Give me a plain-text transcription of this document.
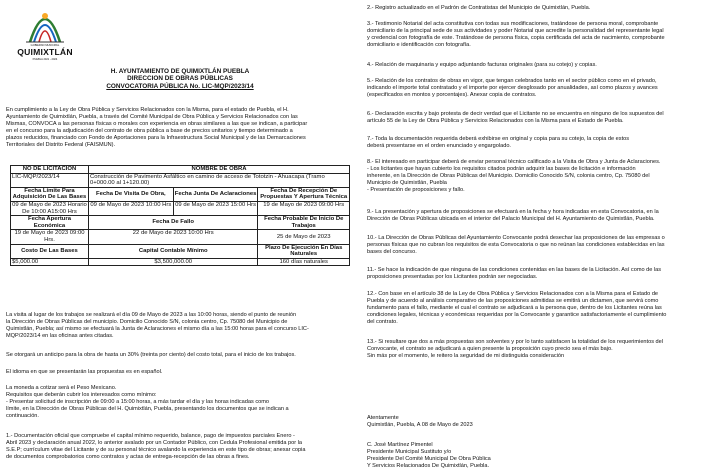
GOBIERNO MUNICIPAL
QUIMIXTLÁN
PUEBLA 2021 - 2024
H. AYUNTAMIENTO DE QUIMIXTLÁN PUEBLA
DIRECCION DE OBRAS PÚBLICAS
CONVOCATORIA PÚBLICA No. LIC-MQP/2023/14
En cumplimiento a la Ley de Obra Pública y Servicios Relacionados con la Misma, para el estado de Puebla, el H.
Ayuntamiento de Quimixtlán, Puebla, a través del Comité Municipal de Obra Pública y Servicios Relacionados con las
Mismas, CONVOCA a las personas físicas o morales con experiencia en obras similares a las que se indican, a participar
en el concurso para la adjudicación del contrato de obra pública a base de precios unitarios y tiempo determinado a
plazos reducidos, financiado con Fondo de Aportaciones para la Infraestructura Social Municipal y de las Demarcaciones
Territoriales del Distrito Federal (FAISMUN).
NO DE LICITACION	NOMBRE DE OBRA		
LIC-MQP/2023/14	Construcción de Pavimento Asfáltico en camino de acceso de Tototzin - Ahuacapa (Tramo 0+000.00 al 1+120.00)		
Fecha Límite Para Adquisición De Las Bases	Fecha De Visita De Obra,	Fecha Junta De Aclaraciones	Fecha De Recepción De Propuestas Y Apertura Técnica
09 de Mayo de 2023 Horario De 10:00 A15:00 Hrs	09 de Mayo de 2023 10:00 Hrs	09 de Mayo de 2023 15:00 Hrs	19 de Mayo de 2023 09:00 Hrs
Fecha Apertura Económica	Fecha De Fallo		Fecha Probable De Inicio De Trabajos
19 de Mayo de 2023 09:00 Hrs.	22 de Mayo de 2023 10:00 Hrs		25 de Mayo de 2023
Costo De Las Bases	Capital Contable Mínimo		Plazo De Ejecución En Días Naturales
$5,000.00	$3,500,000.00		160 días naturales
La visita al lugar de los trabajos se realizará el día 09 de Mayo de 2023 a las 10:00 horas, siendo el punto de reunión
la Dirección de Obras Públicas del municipio. Domicilio Conocido S/N, colonia centro, Cp. 75080 del Municipio de
Quimixtlán, Puebla; así mismo se efectuará la Junta de Aclaraciones el mismo día a las 15:00 horas para el concurso LIC-
MQP/2023/14 en las oficinas antes citadas.
Se otorgará un anticipo para la obra de hasta un 30% (treinta por ciento) del costo total, para el inicio de los trabajos.
El idioma en que se presentarán las propuestas es en español.
La moneda a cotizar será el Peso Mexicano.
Requisitos que deberán cubrir los interesados como mínimo:
- Presentar solicitud de inscripción de 09:00 a 15:00 horas, a más tardar el día y las horas indicadas como
límite, en la Dirección de Obras Públicas del H. Quimixtlán, Puebla, presentando los documentos que se indican a
continuación.
1.- Documentación oficial que compruebe el capital mínimo requerido, balance, pago de impuestos parciales Enero -
Abril 2023 y declaración anual 2022, lo anterior avalado por un Contador Público, con Cedula Profesional emitida por la
S.E.P; currículum vitae del Licitante y de su personal técnico avalando la experiencia en este tipo de obras; anexar copia
de documentos comprobatorios como contratos y actas de entrega-recepción de las obras a fines.
2.- Registro actualizado en el Padrón de Contratistas del Municipio de Quimixtlán, Puebla.
3.- Testimonio Notarial del acta constitutiva con todas sus modificaciones, tratándose de persona moral, comprobante
domiciliario de la principal sede de sus actividades y poder Notarial que acredite la personalidad del representante legal
y credencial con fotografía de este. Tratándose de persona física, copia certificada del acta de nacimiento, comprobante
domiciliario e identificación con fotografía.
4.- Relación de maquinaria y equipo adjuntando facturas originales (para su cotejo) y copias.
5.- Relación de los contratos de obras en vigor, que tengan celebrados tanto en el sector público como en el privado,
indicando el importe total contratado y el importe por ejercer desglosado por anualidades, así como plazos y avances
(especificados en montos y porcentajes). Anexar copia de contratos.
6.- Declaración escrita y bajo protesta de decir verdad que el Licitante no se encuentra en ninguno de los supuestos del
artículo 55 de la Ley de Obra Pública y Servicios Relacionados con la Misma para el Estado de Puebla.
7.- Toda la documentación requerida deberá exhibirse en original y copia para su cotejo, la copia de estos
deberá presentarse en el orden enunciado y engargolado.
8.- El interesado en participar deberá de enviar personal técnico calificado a la Visita de Obra y Junta de Aclaraciones.
- Los licitantes que hayan cubierto los requisitos citados podrán adquirir las bases de licitación e información
inherente, en la Dirección de Obras Públicas del Municipio. Domicilio Conocido S/N, colonia centro, Cp. 75080 del
Municipio de Quimixtlán, Puebla
- Presentación de proposiciones y fallo.
9.- La presentación y apertura de proposiciones se efectuará en la fecha y hora indicadas en esta Convocatoria, en la
Dirección de Obras Públicas ubicada en el interior del Palacio Municipal del H. Ayuntamiento de Quimixtlán, Puebla.
10.- La Dirección de Obras Públicas del Ayuntamiento Convocante podrá desechar las proposiciones de las empresas o
personas físicas que no cubran los requisitos de esta Convocatoria o que no reúnan las condiciones establecidas en las
bases del concurso.
11.- Se hace la indicación de que ninguna de las condiciones contenidas en las bases de la Licitación. Así como de las
proposiciones presentadas por los Licitantes podrán ser negociadas.
12.- Con base en el artículo 38 de la Ley de Obra Pública y Servicios Relacionados con a la Misma para el Estado de
Puebla y de acuerdo al análisis comparativo de las proposiciones admitidas se emitirá un dictamen, que servirá como
fundamento para el fallo, mediante el cual el contrato se adjudicará a la persona que, dentro de los Licitantes reúna las
condiciones legales, técnicas y económicas requeridas por la Convocante y garantice satisfactoriamente el cumplimiento
del contrato.
13.- Si resultare que dos a más propuestas son solventes y por lo tanto satisfacen la totalidad de los requerimientos del
Convocante, el contrato se adjudicará a quien presente la proposición cuyo precio sea el más bajo.
Sin más por el momento, le reitero la seguridad de mi distinguida consideración
Atentamente
Quimixtlán, Puebla, A 08 de Mayo de 2023
C. José Martínez Pimentel
Presidente Municipal Sustituto y/o
Presidente Del Comité Municipal De Obra Pública
Y Servicios Relacionados De Quimixtlán, Puebla.
